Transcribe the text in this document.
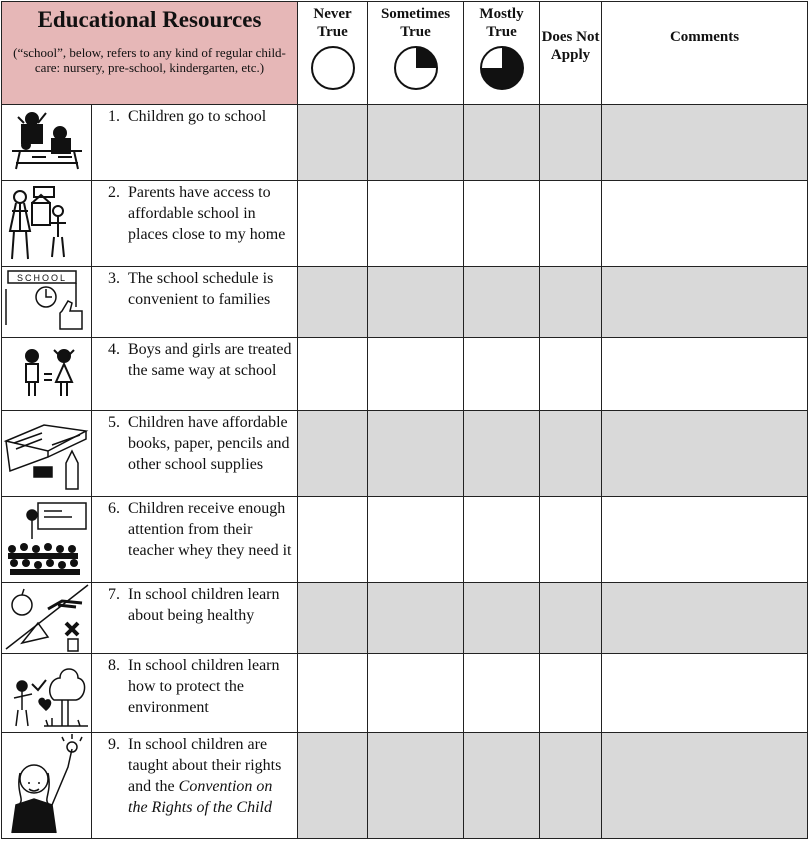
Educational Resources
(“school”, below, refers to any kind of regular child-care: nursery, pre-school, kindergarten, etc.)		Never True	Sometimes True	Mostly True	Does Not Apply	Comments

1. Children go to school					

2. Parents have access to affordable school in places close to my home					

SCHOOL	3. The school schedule is convenient to families					

4. Boys and girls are treated the same way at school					

5. Children have affordable books, paper, pencils and other school supplies					

6. Children receive enough attention from their teacher whey they need it					

7. In school children learn about being healthy					

8. In school children learn how to protect the environment					

9. In school children are taught about their rights and the Convention on the Rights of the Child					
